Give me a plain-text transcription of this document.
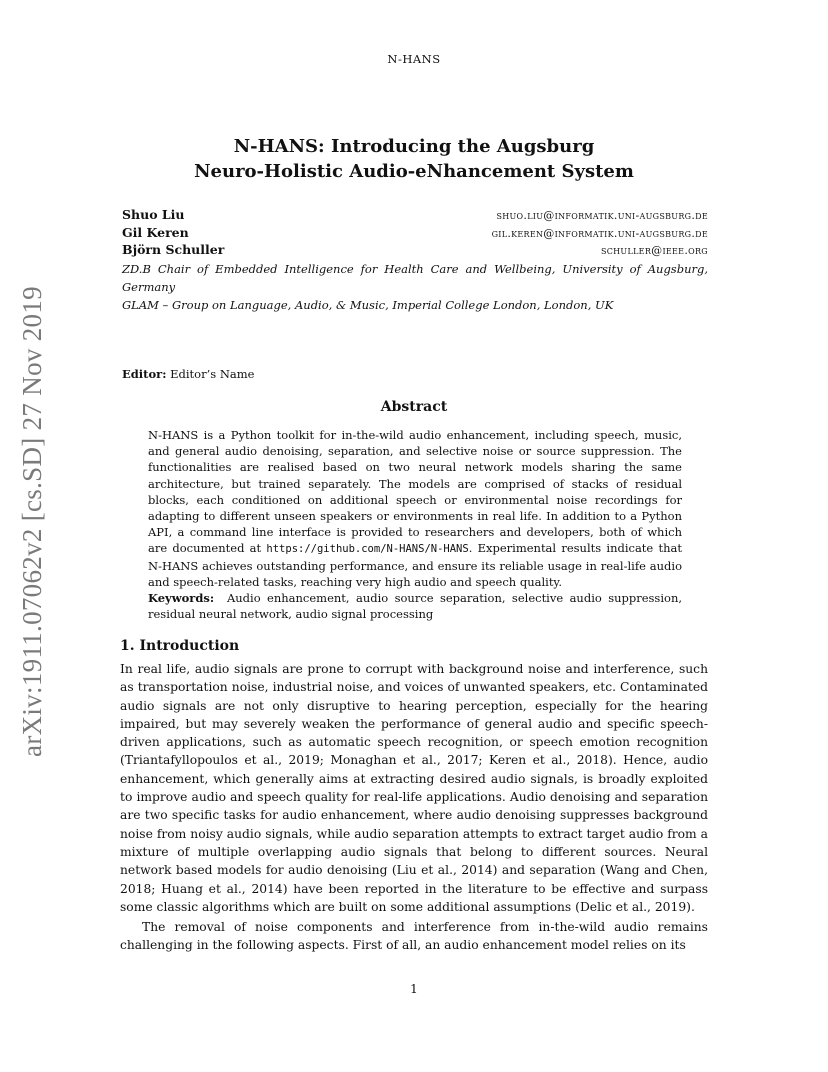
N-HANS
arXiv:1911.07062v2 [cs.SD] 27 Nov 2019
N-HANS: Introducing the Augsburg
Neuro-Holistic Audio-eNhancement System
Shuo Liu	shuo.liu@informatik.uni-augsburg.de
Gil Keren	gil.keren@informatik.uni-augsburg.de
Björn Schuller	schuller@ieee.org
ZD.B Chair of Embedded Intelligence for Health Care and Wellbeing, University of Augsburg, Germany
GLAM – Group on Language, Audio, & Music, Imperial College London, London, UK
Editor: Editor’s Name
Abstract

N-HANS is a Python toolkit for in-the-wild audio enhancement, including speech, music, and general audio denoising, separation, and selective noise or source suppression. The functionalities are realised based on two neural network models sharing the same architecture, but trained separately. The models are comprised of stacks of residual blocks, each conditioned on additional speech or environmental noise recordings for adapting to different unseen speakers or environments in real life. In addition to a Python API, a command line interface is provided to researchers and developers, both of which are documented at https://github.com/N-HANS/N-HANS. Experimental results indicate that N-HANS achieves outstanding performance, and ensure its reliable usage in real-life audio and speech-related tasks, reaching very high audio and speech quality.

Keywords: Audio enhancement, audio source separation, selective audio suppression, residual neural network, audio signal processing
1. Introduction

In real life, audio signals are prone to corrupt with background noise and interference, such as transportation noise, industrial noise, and voices of unwanted speakers, etc. Contaminated audio signals are not only disruptive to hearing perception, especially for the hearing impaired, but may severely weaken the performance of general audio and specific speech-driven applications, such as automatic speech recognition, or speech emotion recognition (Triantafyllopoulos et al., 2019; Monaghan et al., 2017; Keren et al., 2018). Hence, audio enhancement, which generally aims at extracting desired audio signals, is broadly exploited to improve audio and speech quality for real-life applications. Audio denoising and separation are two specific tasks for audio enhancement, where audio denoising suppresses background noise from noisy audio signals, while audio separation attempts to extract target audio from a mixture of multiple overlapping audio signals that belong to different sources. Neural network based models for audio denoising (Liu et al., 2014) and separation (Wang and Chen, 2018; Huang et al., 2014) have been reported in the literature to be effective and surpass some classic algorithms which are built on some additional assumptions (Delic et al., 2019).

The removal of noise components and interference from in-the-wild audio remains challenging in the following aspects. First of all, an audio enhancement model relies on its

1
